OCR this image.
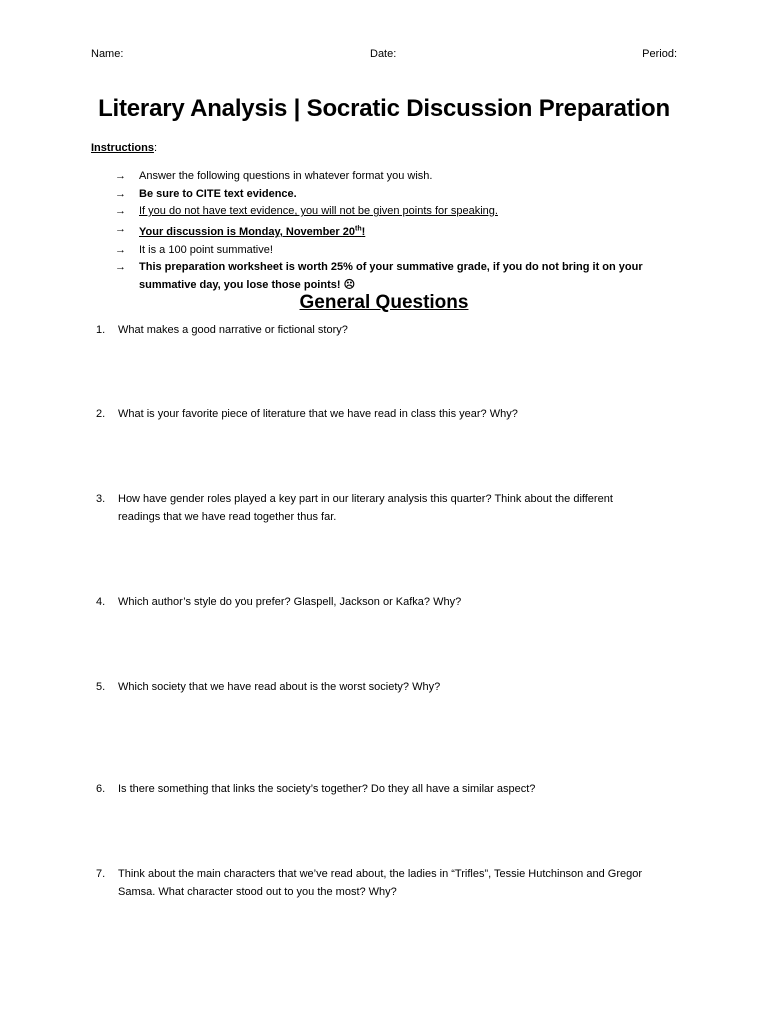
Name:	Date:	Period:
Literary Analysis | Socratic Discussion Preparation
Instructions:
→ Answer the following questions in whatever format you wish.
→ Be sure to CITE text evidence.
→ If you do not have text evidence, you will not be given points for speaking.
→ Your discussion is Monday, November 20th!
→ It is a 100 point summative!
→ This preparation worksheet is worth 25% of your summative grade, if you do not bring it on your summative day, you lose those points! ☹
General Questions
1. What makes a good narrative or fictional story?
2. What is your favorite piece of literature that we have read in class this year? Why?
3. How have gender roles played a key part in our literary analysis this quarter? Think about the different readings that we have read together thus far.
4. Which author’s style do you prefer? Glaspell, Jackson or Kafka? Why?
5. Which society that we have read about is the worst society? Why?
6. Is there something that links the society’s together? Do they all have a similar aspect?
7. Think about the main characters that we’ve read about, the ladies in “Trifles”, Tessie Hutchinson and Gregor Samsa. What character stood out to you the most? Why?
